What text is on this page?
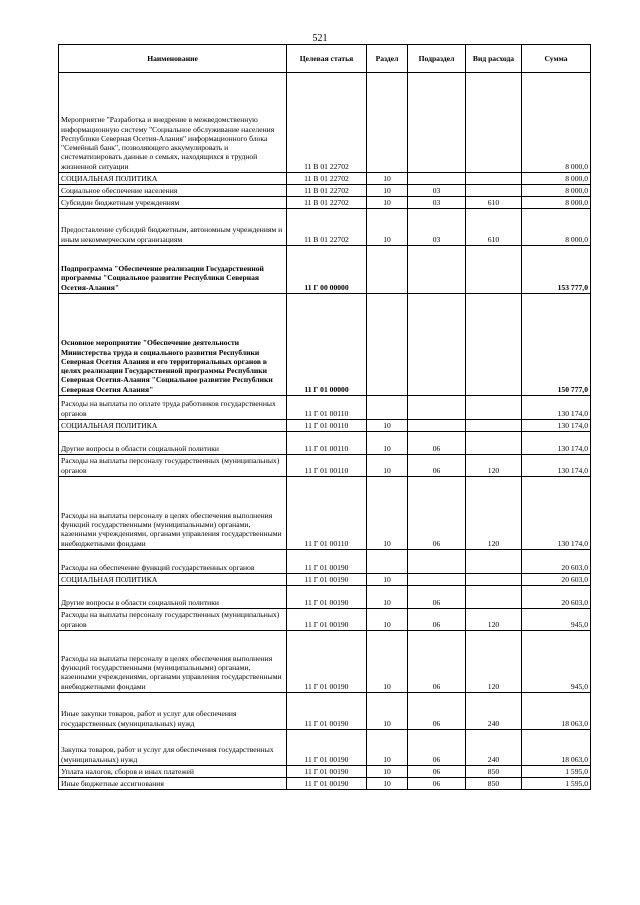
521
Наименование	Целевая статья	Раздел	Подраздел	Вид расхода	Сумма
Мероприятие "Разработка и внедрение в межведомственную информационную систему "Социальное обслуживание населения Республики Северная Осетия-Алания" информационного блока "Семейный банк", позволяющего аккумулировать и систематизировать данные о семьях, находящихся в трудной жизненной ситуации	11 В 01 22702				8 000,0
СОЦИАЛЬНАЯ ПОЛИТИКА	11 В 01 22702	10			8 000,0
Социальное обеспечение населения	11 В 01 22702	10	03		8 000,0
Субсидии бюджетным учреждениям	11 В 01 22702	10	03	610	8 000,0
Предоставление субсидий бюджетным, автономным учреждениям и иным некоммерческим организациям	11 В 01 22702	10	03	610	8 000,0
Подпрограмма "Обеспечение реализации Государственной программы "Социальное развитие Республики Северная Осетия-Алания"	11 Г 00 00000				153 777,0
Основное мероприятие "Обеспечение деятельности Министерства труда и социального развития Республики Северная Осетия Алания и его территориальных органов в целях реализации Государственной программы Республики Северная Осетия-Алания "Социальное развитие Республики Северная Осетия Алания"	11 Г 01 00000				150 777,0
Расходы на выплаты по оплате труда работников государственных органов	11 Г 01 00110				130 174,0
СОЦИАЛЬНАЯ ПОЛИТИКА	11 Г 01 00110	10			130 174,0
Другие вопросы в области социальной политики	11 Г 01 00110	10	06		130 174,0
Расходы на выплаты персоналу государственных (муниципальных) органов	11 Г 01 00110	10	06	120	130 174,0
Расходы на выплаты персоналу в целях обеспечения выполнения функций государственными (муниципальными) органами, казенными учреждениями, органами управления государственными внебюджетными фондами	11 Г 01 00110	10	06	120	130 174,0
Расходы на обеспечение функций государственных органов	11 Г 01 00190				20 603,0
СОЦИАЛЬНАЯ ПОЛИТИКА	11 Г 01 00190	10			20 603,0
Другие вопросы в области социальной политики	11 Г 01 00190	10	06		20 603,0
Расходы на выплаты персоналу государственных (муниципальных) органов	11 Г 01 00190	10	06	120	945,0
Расходы на выплаты персоналу в целях обеспечения выполнения функций государственными (муниципальными) органами, казенными учреждениями, органами управления государственными внебюджетными фондами	11 Г 01 00190	10	06	120	945,0
Иные закупки товаров, работ и услуг для обеспечения государственных (муниципальных) нужд	11 Г 01 00190	10	06	240	18 063,0
Закупка товаров, работ и услуг для обеспечения государственных (муниципальных) нужд	11 Г 01 00190	10	06	240	18 063,0
Уплата налогов, сборов и иных платежей	11 Г 01 00190	10	06	850	1 595,0
Иные бюджетные ассигнования	11 Г 01 00190	10	06	850	1 595,0
